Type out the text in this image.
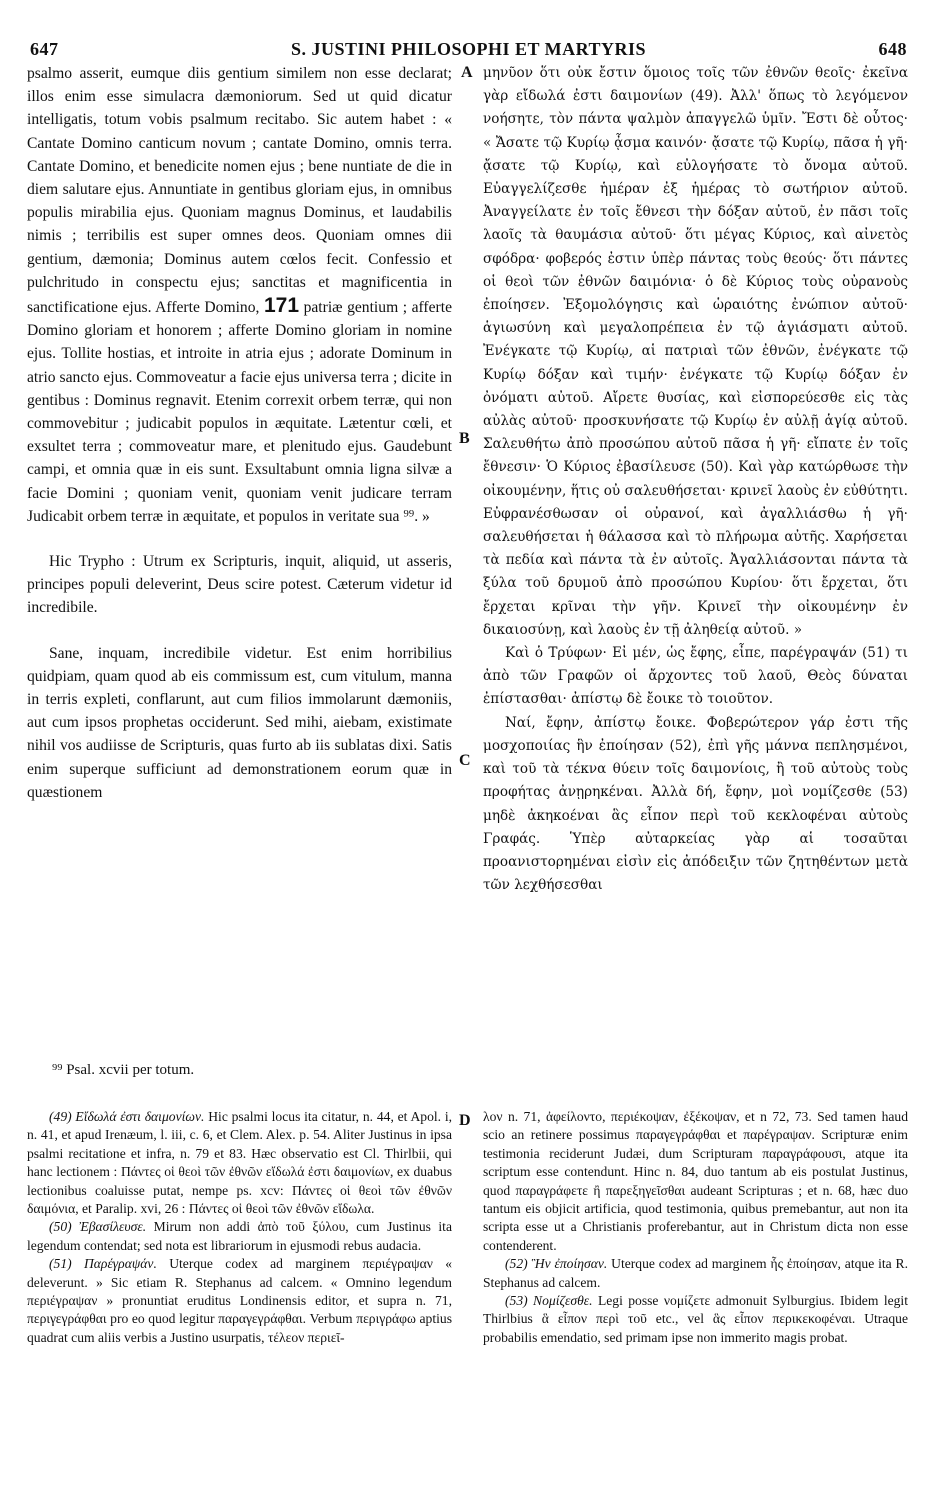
647	S. JUSTINI PHILOSOPHI ET MARTYRIS	648

psalmo asserit, eumque diis gentium similem non esse declarat; illos enim esse simulacra dæmoniorum. Sed ut quid dicatur intelligatis, totum vobis psalmum recitabo. Sic autem habet : « Cantate Domino canticum novum ; cantate Domino, omnis terra. Cantate Domino, et benedicite nomen ejus ; bene nuntiate de die in diem salutare ejus. Annuntiate in gentibus gloriam ejus, in omnibus populis mirabilia ejus. Quoniam magnus Dominus, et laudabilis nimis ; terribilis est super omnes deos. Quoniam omnes dii gentium, dæmonia; Dominus autem cœlos fecit. Confessio et pulchritudo in conspectu ejus; sanctitas et magnificentia in sanctificatione ejus. Afferte Domino, 171 patriæ gentium ; afferte Domino gloriam et honorem ; afferte Domino gloriam in nomine ejus. Tollite hostias, et introite in atria ejus ; adorate Dominum in atrio sancto ejus. Commoveatur a facie ejus universa terra ; dicite in gentibus : Dominus regnavit. Etenim correxit orbem terræ, qui non commovebitur ; judicabit populos in æquitate. Lætentur cœli, et exsultet terra ; commoveatur mare, et plenitudo ejus. Gaudebunt campi, et omnia quæ in eis sunt. Exsultabunt omnia ligna silvæ a facie Domini ; quoniam venit, quoniam venit judicare terram Judicabit orbem terræ in æquitate, et populos in veritate sua ⁹⁹. »

Hic Trypho : Utrum ex Scripturis, inquit, aliquid, ut asseris, principes populi deleverint, Deus scire potest. Cæterum videtur id incredibile.

Sane, inquam, incredibile videtur. Est enim horribilius quidpiam, quam quod ab eis commissum est, cum vitulum, manna in terris expleti, conflarunt, aut cum filios immolarunt dæmoniis, aut cum ipsos prophetas occiderunt. Sed mihi, aiebam, existimate nihil vos audiisse de Scripturis, quas furto ab iis sublatas dixi. Satis enim superque sufficiunt ad demonstrationem eorum quæ in quæstionem

A
B
C
D

μηνῦον ὅτι οὐκ ἔστιν ὅμοιος τοῖς τῶν ἐθνῶν θεοῖς· ἐκεῖνα γὰρ εἴδωλά ἐστι δαιμονίων (49). Ἀλλ' ὅπως τὸ λεγόμενον νοήσητε, τὸν πάντα ψαλμὸν ἀπαγγελῶ ὑμῖν. Ἔστι δὲ οὗτος· « Ἄσατε τῷ Κυρίῳ ᾆσμα καινόν· ᾄσατε τῷ Κυρίῳ, πᾶσα ἡ γῆ· ᾄσατε τῷ Κυρίῳ, καὶ εὐλογήσατε τὸ ὄνομα αὐτοῦ. Εὐαγγελίζεσθε ἡμέραν ἐξ ἡμέρας τὸ σωτήριον αὐτοῦ. Ἀναγγείλατε ἐν τοῖς ἔθνεσι τὴν δόξαν αὐτοῦ, ἐν πᾶσι τοῖς λαοῖς τὰ θαυμάσια αὐτοῦ· ὅτι μέγας Κύριος, καὶ αἰνετὸς σφόδρα· φοβερός ἐστιν ὑπὲρ πάντας τοὺς θεούς· ὅτι πάντες οἱ θεοὶ τῶν ἐθνῶν δαιμόνια· ὁ δὲ Κύριος τοὺς οὐρανοὺς ἐποίησεν. Ἐξομολόγησις καὶ ὡραιότης ἐνώπιον αὐτοῦ· ἁγιωσύνη καὶ μεγαλοπρέπεια ἐν τῷ ἁγιάσματι αὐτοῦ. Ἐνέγκατε τῷ Κυρίῳ, αἱ πατριαὶ τῶν ἐθνῶν, ἐνέγκατε τῷ Κυρίῳ δόξαν καὶ τιμήν· ἐνέγκατε τῷ Κυρίῳ δόξαν ἐν ὀνόματι αὐτοῦ. Αἴρετε θυσίας, καὶ εἰσπορεύεσθε εἰς τὰς αὐλὰς αὐτοῦ· προσκυνήσατε τῷ Κυρίῳ ἐν αὐλῇ ἁγίᾳ αὐτοῦ. Σαλευθήτω ἀπὸ προσώπου αὐτοῦ πᾶσα ἡ γῆ· εἴπατε ἐν τοῖς ἔθνεσιν· Ὁ Κύριος ἐβασίλευσε (50). Καὶ γὰρ κατώρθωσε τὴν οἰκουμένην, ἥτις οὐ σαλευθήσεται· κρινεῖ λαοὺς ἐν εὐθύτητι. Εὐφρανέσθωσαν οἱ οὐρανοί, καὶ ἀγαλλιάσθω ἡ γῆ· σαλευθήσεται ἡ θάλασσα καὶ τὸ πλήρωμα αὐτῆς. Χαρήσεται τὰ πεδία καὶ πάντα τὰ ἐν αὐτοῖς. Ἀγαλλιάσονται πάντα τὰ ξύλα τοῦ δρυμοῦ ἀπὸ προσώπου Κυρίου· ὅτι ἔρχεται, ὅτι ἔρχεται κρῖναι τὴν γῆν. Κρινεῖ τὴν οἰκουμένην ἐν δικαιοσύνῃ, καὶ λαοὺς ἐν τῇ ἀληθείᾳ αὐτοῦ. »

Καὶ ὁ Τρύφων· Εἰ μέν, ὡς ἔφης, εἶπε, παρέγραψάν (51) τι ἀπὸ τῶν Γραφῶν οἱ ἄρχοντες τοῦ λαοῦ, Θεὸς δύναται ἐπίστασθαι· ἀπίστῳ δὲ ἔοικε τὸ τοιοῦτον.

Ναί, ἔφην, ἀπίστῳ ἔοικε. Φοβερώτερον γάρ ἐστι τῆς μοσχοποιίας ἣν ἐποίησαν (52), ἐπὶ γῆς μάννα πεπλησμένοι, καὶ τοῦ τὰ τέκνα θύειν τοῖς δαιμονίοις, ἢ τοῦ αὐτοὺς τοὺς προφήτας ἀνῃρηκέναι. Ἀλλὰ δή, ἔφην, μοὶ νομίζεσθε (53) μηδὲ ἀκηκοέναι ἃς εἶπον περὶ τοῦ κεκλοφέναι αὐτοὺς Γραφάς. Ὑπὲρ αὐταρκείας γὰρ αἱ τοσαῦται προανιστορημέναι εἰσὶν εἰς ἀπόδειξιν τῶν ζητηθέντων μετὰ τῶν λεχθήσεσθαι

⁹⁹ Psal. xcvii per totum.

(49) Εἴδωλά ἐστι δαιμονίων. Hic psalmi locus ita citatur, n. 44, et Apol. i, n. 41, et apud Irenæum, l. iii, c. 6, et Clem. Alex. p. 54. Aliter Justinus in ipsa psalmi recitatione et infra, n. 79 et 83. Hæc observatio est Cl. Thirlbii, qui hanc lectionem : Πάντες οἱ θεοὶ τῶν ἐθνῶν εἴδωλά ἐστι δαιμονίων, ex duabus lectionibus coaluisse putat, nempe ps. xcv: Πάντες οἱ θεοὶ τῶν ἐθνῶν δαιμόνια, et Paralip. xvi, 26 : Πάντες οἱ θεοὶ τῶν ἐθνῶν εἴδωλα.

(50) Ἐβασίλευσε. Mirum non addi ἀπὸ τοῦ ξύλου, cum Justinus ita legendum contendat; sed nota est librariorum in ejusmodi rebus audacia.

(51) Παρέγραψάν. Uterque codex ad marginem περιέγραψαν « deleverunt. » Sic etiam R. Stephanus ad calcem. « Omnino legendum περιέγραψαν » pronuntiat eruditus Londinensis editor, et supra n. 71, περιγεγράφθαι pro eo quod legitur παραγεγράφθαι. Verbum περιγράφω aptius quadrat cum aliis verbis a Justino usurpatis, τέλεον περιεῖ-

λον n. 71, ἀφείλοντο, περιέκοψαν, ἐξέκοψαν, et n 72, 73. Sed tamen haud scio an retinere possimus παραγεγράφθαι et παρέγραψαν. Scripturæ enim testimonia reciderunt Judæi, dum Scripturam παραγράφουσι, atque ita scriptum esse contendunt. Hinc n. 84, duo tantum ab eis postulat Justinus, quod παραγράφετε ἢ παρεξηγεῖσθαι audeant Scripturas ; et n. 68, hæc duo tantum eis objicit artificia, quod testimonia, quibus premebantur, aut non ita scripta esse ut a Christianis proferebantur, aut in Christum dicta non esse contenderent.

(52) Ἣν ἐποίησαν. Uterque codex ad marginem ἧς ἐποίησαν, atque ita R. Stephanus ad calcem.

(53) Νομίζεσθε. Legi posse νομίζετε admonuit Sylburgius. Ibidem legit Thirlbius ἃ εἶπον περὶ τοῦ etc., vel ἃς εἶπον περικεκοφέναι. Utraque probabilis emendatio, sed primam ipse non immerito magis probat.
